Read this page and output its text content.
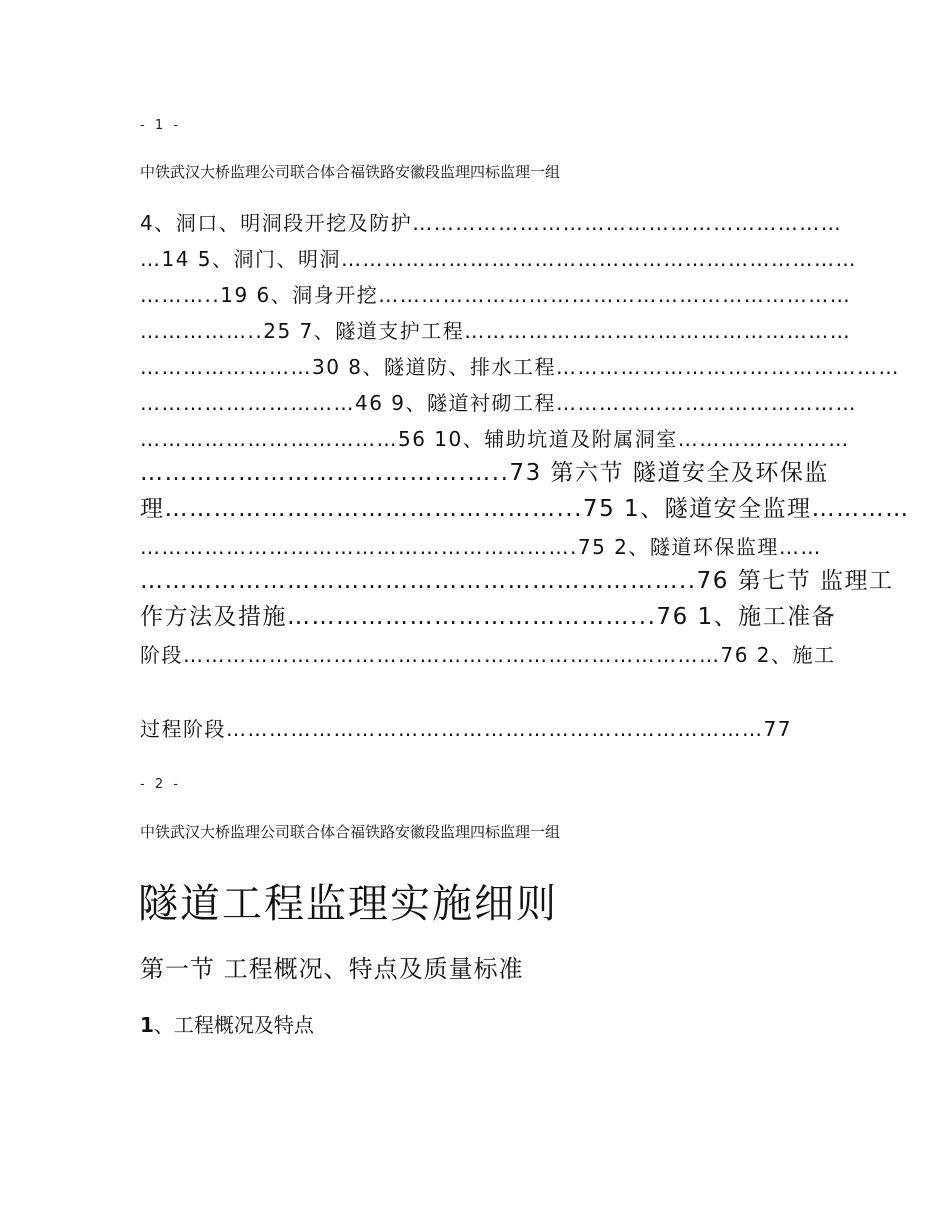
- 1 -
中铁武汉大桥监理公司联合体合福铁路安徽段监理四标监理一组
4、洞口、明洞段开挖及防护……………………………………………………
…14 5、洞门、明洞………………………………………………………………
………..19 6、洞身开挖…………………………………………………………
……………..25 7、隧道支护工程………………………………………………
……………………30 8、隧道防、排水工程…………………………………………
…………………………46 9、隧道衬砌工程……………………………………
………………………………56 10、辅助坑道及附属洞室……………………
………………………………….…..73 第六节 隧道安全及环保监
理…………………………………………...75 1、隧道安全监理…………
…………………………………………………….75 2、隧道环保监理……
…………………………………………………………..76 第七节 监理工
作方法及措施……………………………………...76 1、施工准备
阶段…………………………………………………………………76 2、施工
过程阶段…………………………………………………………………77
- 2 -
中铁武汉大桥监理公司联合体合福铁路安徽段监理四标监理一组
隧道工程监理实施细则
第一节 工程概况、特点及质量标准
1、工程概况及特点
